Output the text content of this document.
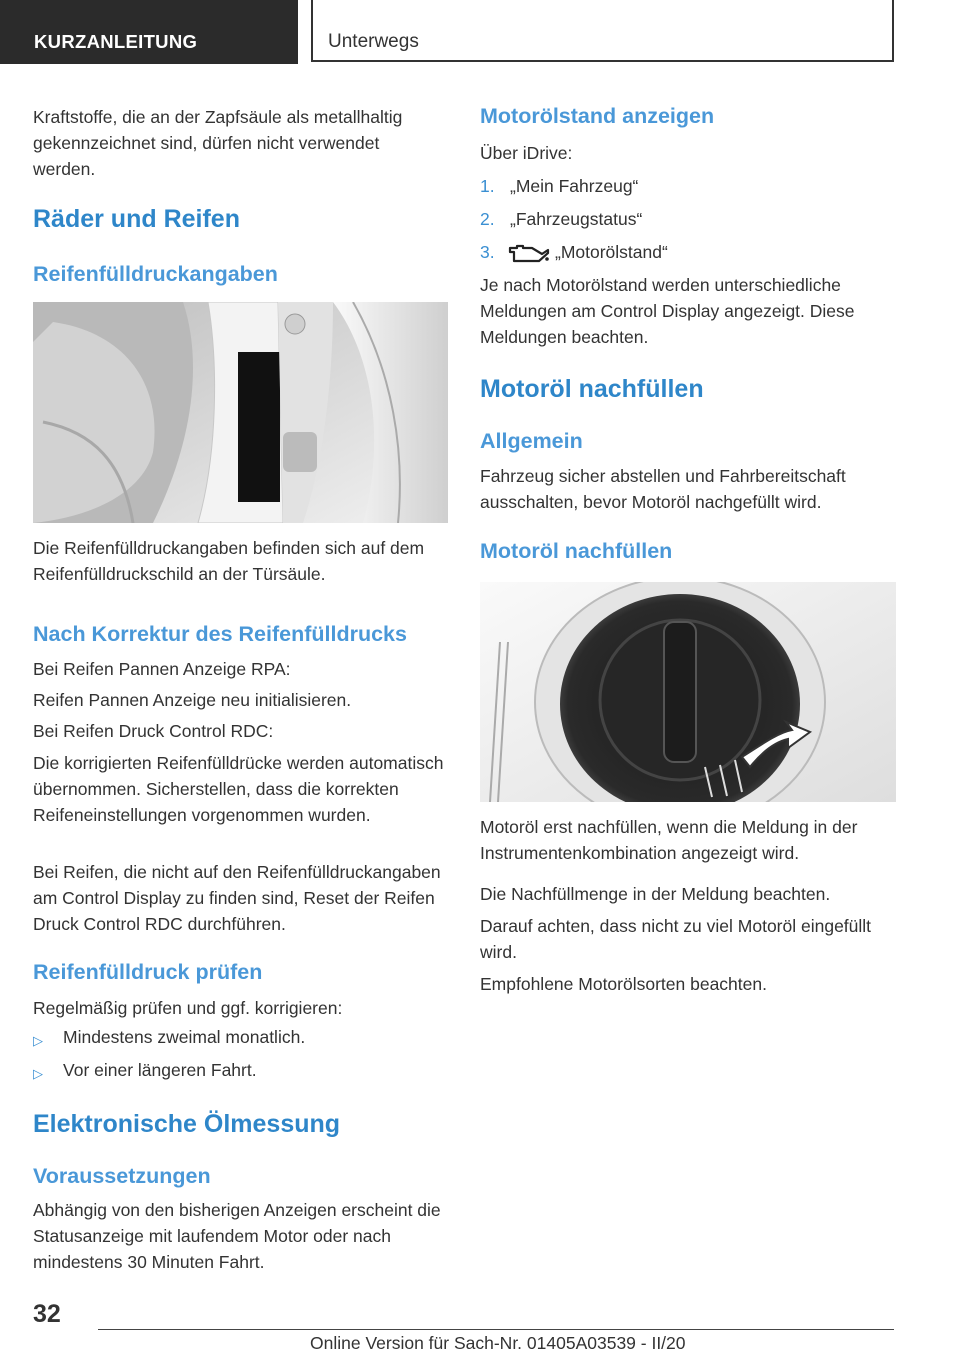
KURZANLEITUNG	Unterwegs

Kraftstoffe, die an der Zapfsäule als metallhaltig gekennzeichnet sind, dürfen nicht verwendet werden.

Räder und Reifen
Reifenfülldruckangaben

Die Reifenfülldruckangaben befinden sich auf dem Reifenfülldruckschild an der Türsäule.

Nach Korrektur des Reifenfülldrucks

Bei Reifen Pannen Anzeige RPA:

Reifen Pannen Anzeige neu initialisieren.

Bei Reifen Druck Control RDC:

Die korrigierten Reifenfülldrücke werden automatisch übernommen. Sicherstellen, dass die korrekten Reifeneinstellungen vorgenommen wurden.

Bei Reifen, die nicht auf den Reifenfülldruckangaben am Control Display zu finden sind, Reset der Reifen Druck Control RDC durchführen.

Reifenfülldruck prüfen

Regelmäßig prüfen und ggf. korrigieren:

▷ Mindestens zweimal monatlich.
▷ Vor einer längeren Fahrt.
Elektronische Ölmessung
Voraussetzungen

Abhängig von den bisherigen Anzeigen erscheint die Statusanzeige mit laufendem Motor oder nach mindestens 30 Minuten Fahrt.

Motorölstand anzeigen

Über iDrive:

1. „Mein Fahrzeug“
2. „Fahrzeugstatus“
3.	„Motorölstand“

Je nach Motorölstand werden unterschiedliche Meldungen am Control Display angezeigt. Diese Meldungen beachten.

Motoröl nachfüllen
Allgemein

Fahrzeug sicher abstellen und Fahrbereitschaft ausschalten, bevor Motoröl nachgefüllt wird.

Motoröl nachfüllen

Motoröl erst nachfüllen, wenn die Meldung in der Instrumentenkombination angezeigt wird.

Die Nachfüllmenge in der Meldung beachten.

Darauf achten, dass nicht zu viel Motoröl eingefüllt wird.

Empfohlene Motorölsorten beachten.

32
Online Version für Sach-Nr. 01405A03539 - II/20
